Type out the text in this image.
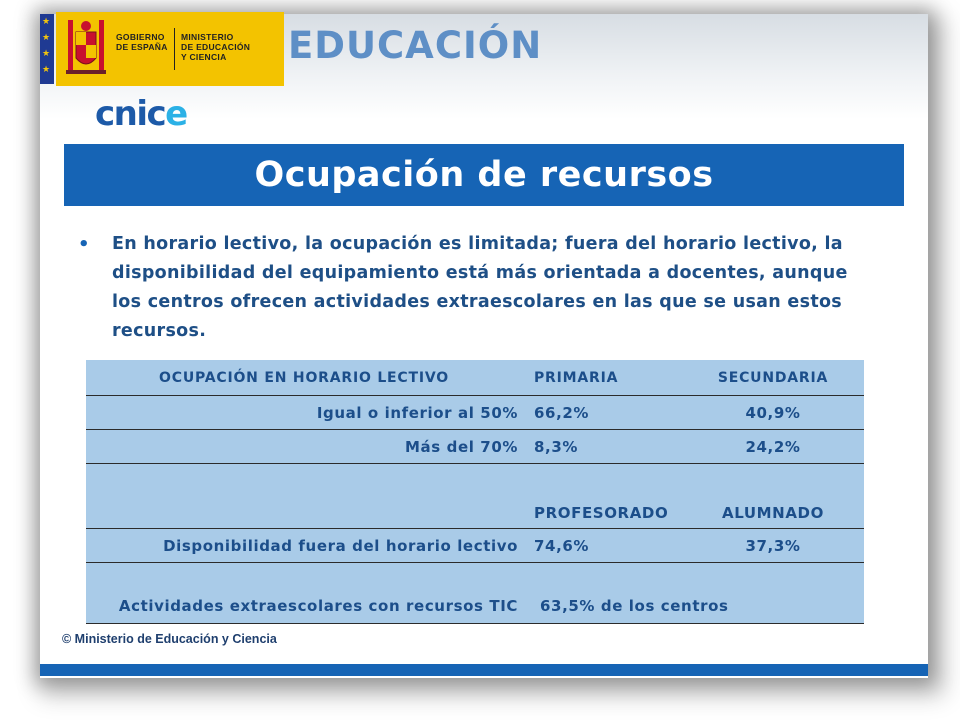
★
★
★
★
GOBIERNO
DE ESPAÑA
MINISTERIO
DE EDUCACIÓN
Y CIENCIA EDUCACIÓN
cnice
Ocupación de recursos
• En horario lectivo, la ocupación es limitada; fuera del horario lectivo, la disponibilidad del equipamiento está más orientada a docentes, aunque los centros ofrecen actividades extraescolares en las que se usan estos recursos.
OCUPACIÓN EN HORARIO LECTIVO	PRIMARIA	SECUNDARIA
Igual o inferior al 50%	66,2%	40,9%
Más del 70%	8,3%	24,2%
	PROFESORADO	ALUMNADO
Disponibilidad fuera del horario lectivo	74,6%	37,3%
Actividades extraescolares con recursos TIC	63,5% de los centros	
© Ministerio de Educación y Ciencia
